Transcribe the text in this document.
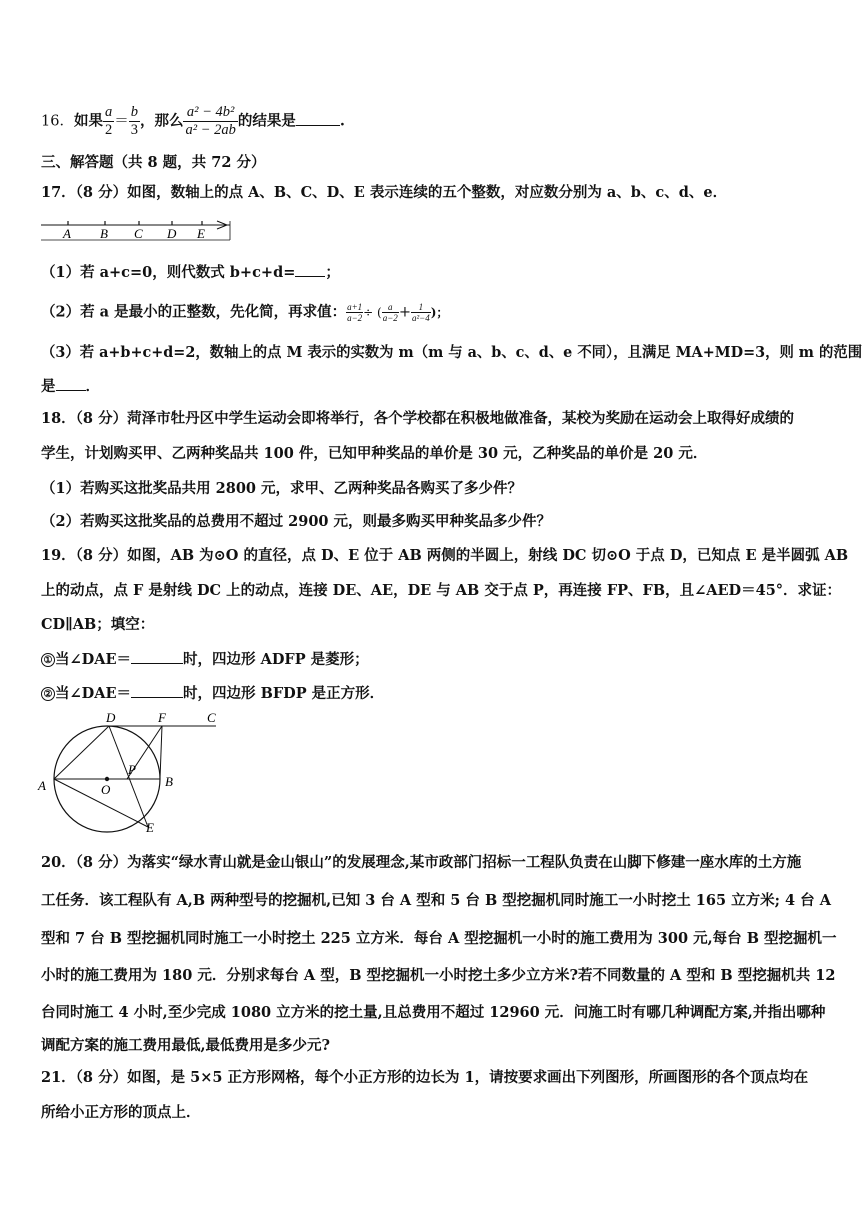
16．如果 $\frac{a}{2} = \frac{b}{3}$ ，那么 $\frac{\text{a² − 4b²}}{\text{a² − 2ab}}$ 的结果是	.
三、解答题（共 8 题，共 72 分）
17．（8 分）如图，数轴上的点 A、B、C、D、E 表示连续的五个整数，对应数分别为 a、b、c、d、e．
A B C D E
（1）若 a+c=0，则代数式 b+c+d= ；
（2）若 a 是最小的正整数，先化简，再求值： $\frac{a+1}{a-2}$ ÷ ( $\frac{a}{a-2} + \frac{1}{\text{a²−4}}$ )；
（3）若 a+b+c+d=2，数轴上的点 M 表示的实数为 m（m 与 a、b、c、d、e 不同），且满足 MA+MD=3，则 m 的范围
是 ．
18．（8 分）菏泽市牡丹区中学生运动会即将举行，各个学校都在积极地做准备，某校为奖励在运动会上取得好成绩的
学生，计划购买甲、乙两种奖品共 100 件，已知甲种奖品的单价是 30 元，乙种奖品的单价是 20 元．
（1）若购买这批奖品共用 2800 元，求甲、乙两种奖品各购买了多少件？
（2）若购买这批奖品的总费用不超过 2900 元，则最多购买甲种奖品多少件？
19．（8 分）如图，AB 为⊙O 的直径，点 D、E 位于 AB 两侧的半圆上，射线 DC 切⊙O 于点 D，已知点 E 是半圆弧 AB
上的动点，点 F 是射线 DC 上的动点，连接 DE、AE，DE 与 AB 交于点 P，再连接 FP、FB，且∠AED＝45°．求证：
CD∥AB；填空：
① 当∠DAE＝	时，四边形 ADFP 是菱形；
② 当∠DAE＝	时，四边形 BFDP 是正方形．
A	B
C
D
E
F
O
P
20．（8 分）为落实“绿水青山就是金山银山”的发展理念,某市政部门招标一工程队负责在山脚下修建一座水库的土方施
工任务．该工程队有 A,B 两种型号的挖掘机,已知 3 台 A 型和 5 台 B 型挖掘机同时施工一小时挖土 165 立方米; 4 台 A
型和 7 台 B 型挖掘机同时施工一小时挖土 225 立方米．每台 A 型挖掘机一小时的施工费用为 300 元,每台 B 型挖掘机一
小时的施工费用为 180 元．分别求每台 A 型，B 型挖掘机一小时挖土多少立方米?若不同数量的 A 型和 B 型挖掘机共 12
台同时施工 4 小时,至少完成 1080 立方米的挖土量,且总费用不超过 12960 元．问施工时有哪几种调配方案,并指出哪种
调配方案的施工费用最低,最低费用是多少元?
21．（8 分）如图，是 5×5 正方形网格，每个小正方形的边长为 1，请按要求画出下列图形，所画图形的各个顶点均在
所给小正方形的顶点上．
